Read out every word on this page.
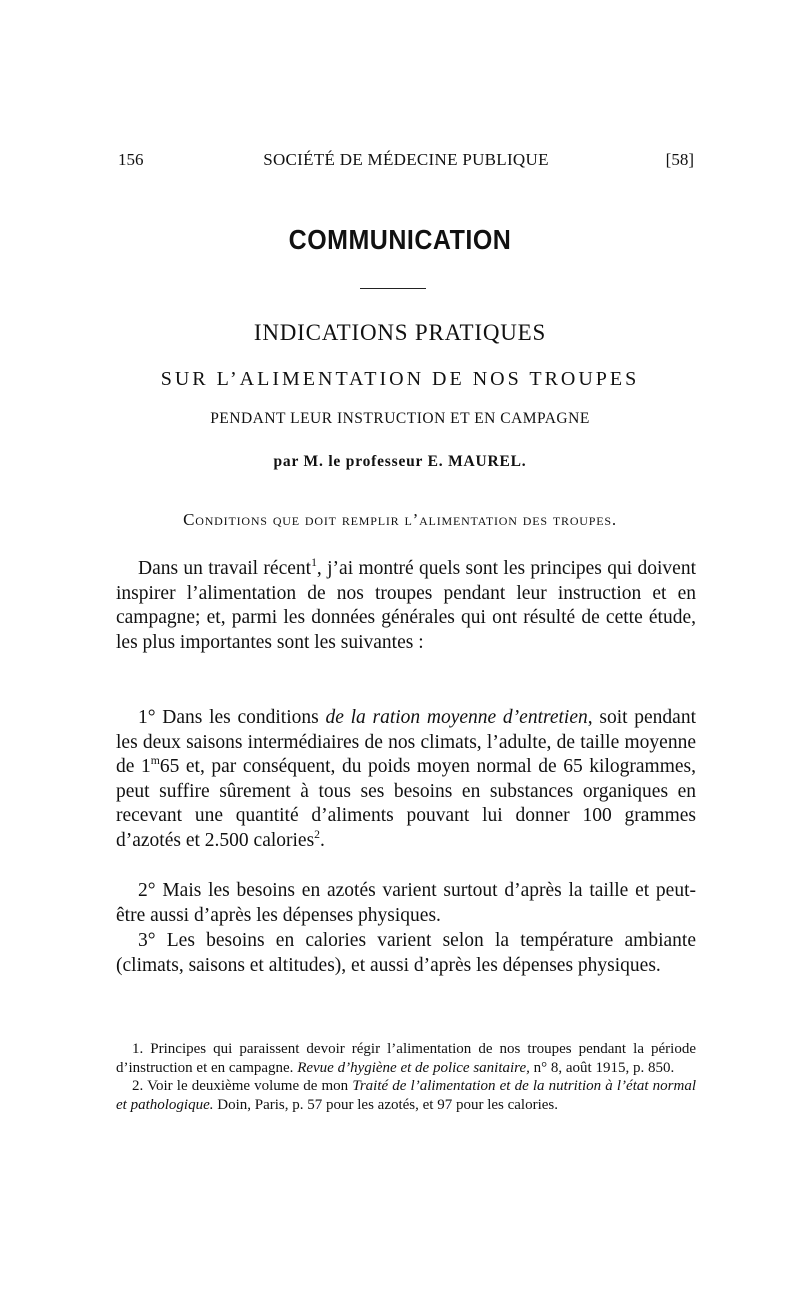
156	SOCIÉTÉ DE MÉDECINE PUBLIQUE	[58]
COMMUNICATION
INDICATIONS PRATIQUES
SUR L’ALIMENTATION DE NOS TROUPES
PENDANT LEUR INSTRUCTION ET EN CAMPAGNE
par M. le professeur E. MAUREL.
Conditions que doit remplir l’alimentation des troupes.

Dans un travail récent$^1$, j’ai montré quels sont les principes qui doivent inspirer l’alimentation de nos troupes pendant leur instruction et en campagne; et, parmi les données générales qui ont résulté de cette étude, les plus importantes sont les suivantes :

1° Dans les conditions de la ration moyenne d’entretien, soit pendant les deux saisons intermédiaires de nos climats, l’adulte, de taille moyenne de 1$^m$65 et, par conséquent, du poids moyen normal de 65 kilogrammes, peut suffire sûrement à tous ses besoins en substances organiques en recevant une quantité d’aliments pouvant lui donner 100 grammes d’azotés et 2.500 calories$^2$.

2° Mais les besoins en azotés varient surtout d’après la taille et peut-être aussi d’après les dépenses physiques.

3° Les besoins en calories varient selon la température ambiante (climats, saisons et altitudes), et aussi d’après les dépenses physiques.

1. Principes qui paraissent devoir régir l’alimentation de nos troupes pendant la période d’instruction et en campagne. Revue d’hygiène et de police sanitaire, n° 8, août 1915, p. 850.

2. Voir le deuxième volume de mon Traité de l’alimentation et de la nutrition à l’état normal et pathologique. Doin, Paris, p. 57 pour les azotés, et 97 pour les calories.
